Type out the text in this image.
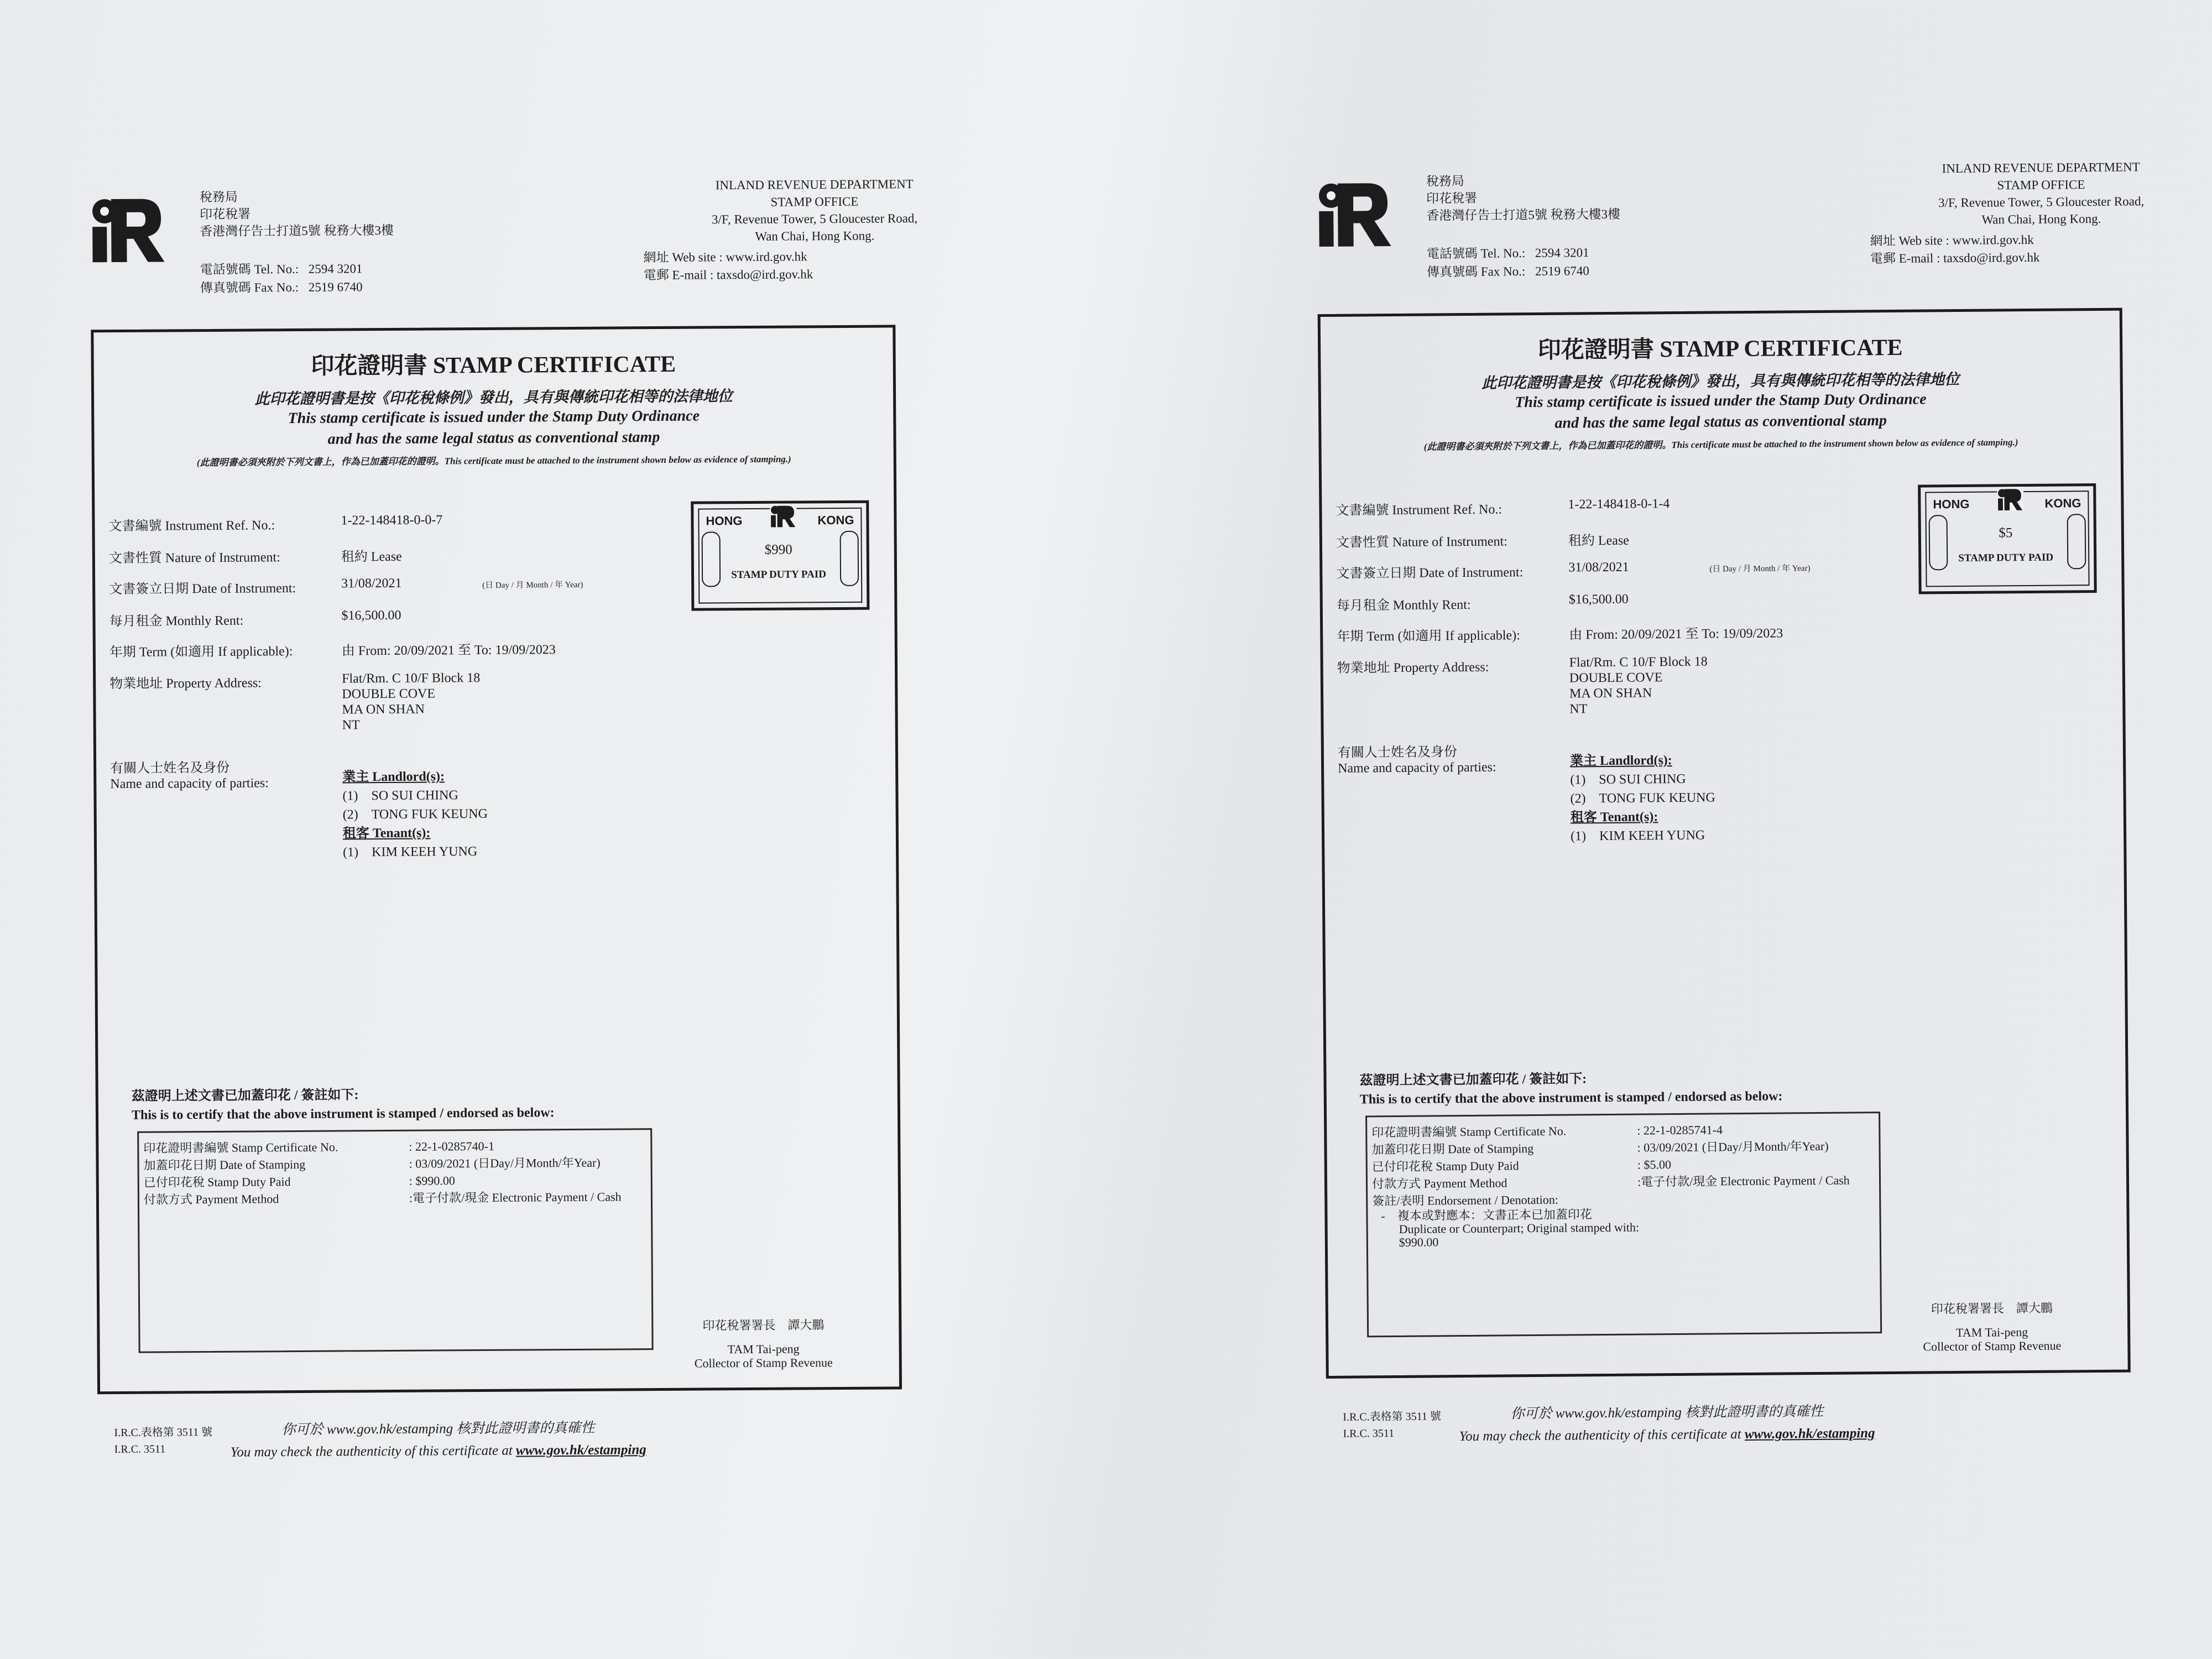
稅務局
印花稅署
香港灣仔告士打道5號 稅務大樓3樓
電話號碼 Tel. No.: 2594 3201
傳真號碼 Fax No.: 2519 6740
INLAND REVENUE DEPARTMENT
STAMP OFFICE
3/F, Revenue Tower, 5 Gloucester Road,
Wan Chai, Hong Kong.
網址 Web site : www.ird.gov.hk
電郵 E-mail : taxsdo@ird.gov.hk
印花證明書 STAMP CERTIFICATE
此印花證明書是按《印花稅條例》發出，具有與傳統印花相等的法律地位
This stamp certificate is issued under the Stamp Duty Ordinance
and has the same legal status as conventional stamp
(此證明書必須夾附於下列文書上，作為已加蓋印花的證明。This certificate must be attached to the instrument shown below as evidence of stamping.)
文書編號 Instrument Ref. No.:	1-22-148418-0-0-7
文書性質 Nature of Instrument:	租約 Lease
文書簽立日期 Date of Instrument:	31/08/2021	(日 Day / 月 Month / 年 Year)
每月租金 Monthly Rent:	$16,500.00
年期 Term (如適用 If applicable):	由 From: 20/09/2021 至 To: 19/09/2023
物業地址 Property Address:	Flat/Rm. C 10/F Block 18
DOUBLE COVE
MA ON SHAN
NT
有關人士姓名及身份
Name and capacity of parties:	業主 Landlord(s):
(1)　SO SUI CHING
(2)　TONG FUK KEUNG
租客 Tenant(s):
(1)　KIM KEEH YUNG
HONG	KONG
$990
STAMP DUTY PAID
茲證明上述文書已加蓋印花 / 簽註如下:
This is to certify that the above instrument is stamped / endorsed as below:
印花證明書編號 Stamp Certificate No.	: 22-1-0285740-1
加蓋印花日期 Date of Stamping	: 03/09/2021 (日Day/月Month/年Year)
已付印花稅 Stamp Duty Paid	: $990.00
付款方式 Payment Method	:電子付款/現金 Electronic Payment / Cash
印花稅署署長　譚大鵬
TAM Tai-peng
Collector of Stamp Revenue
I.R.C.表格第 3511 號
I.R.C. 3511
你可於 www.gov.hk/estamping 核對此證明書的真確性
You may check the authenticity of this certificate at www.gov.hk/estamping
稅務局
印花稅署
香港灣仔告士打道5號 稅務大樓3樓
電話號碼 Tel. No.: 2594 3201
傳真號碼 Fax No.: 2519 6740
INLAND REVENUE DEPARTMENT
STAMP OFFICE
3/F, Revenue Tower, 5 Gloucester Road,
Wan Chai, Hong Kong.
網址 Web site : www.ird.gov.hk
電郵 E-mail : taxsdo@ird.gov.hk
印花證明書 STAMP CERTIFICATE
此印花證明書是按《印花稅條例》發出，具有與傳統印花相等的法律地位
This stamp certificate is issued under the Stamp Duty Ordinance
and has the same legal status as conventional stamp
(此證明書必須夾附於下列文書上，作為已加蓋印花的證明。This certificate must be attached to the instrument shown below as evidence of stamping.)
文書編號 Instrument Ref. No.:	1-22-148418-0-1-4
文書性質 Nature of Instrument:	租約 Lease
文書簽立日期 Date of Instrument:	31/08/2021	(日 Day / 月 Month / 年 Year)
每月租金 Monthly Rent:	$16,500.00
年期 Term (如適用 If applicable):	由 From: 20/09/2021 至 To: 19/09/2023
物業地址 Property Address:	Flat/Rm. C 10/F Block 18
DOUBLE COVE
MA ON SHAN
NT
有關人士姓名及身份
Name and capacity of parties:	業主 Landlord(s):
(1)　SO SUI CHING
(2)　TONG FUK KEUNG
租客 Tenant(s):
(1)　KIM KEEH YUNG
HONG	KONG
$5
STAMP DUTY PAID
茲證明上述文書已加蓋印花 / 簽註如下:
This is to certify that the above instrument is stamped / endorsed as below:
印花證明書編號 Stamp Certificate No.	: 22-1-0285741-4
加蓋印花日期 Date of Stamping	: 03/09/2021 (日Day/月Month/年Year)
已付印花稅 Stamp Duty Paid	: $5.00
付款方式 Payment Method	:電子付款/現金 Electronic Payment / Cash
簽註/表明 Endorsement / Denotation:
-　複本或對應本：文書正本已加蓋印花
Duplicate or Counterpart; Original stamped with:
$990.00
印花稅署署長　譚大鵬
TAM Tai-peng
Collector of Stamp Revenue
I.R.C.表格第 3511 號
I.R.C. 3511
你可於 www.gov.hk/estamping 核對此證明書的真確性
You may check the authenticity of this certificate at www.gov.hk/estamping
